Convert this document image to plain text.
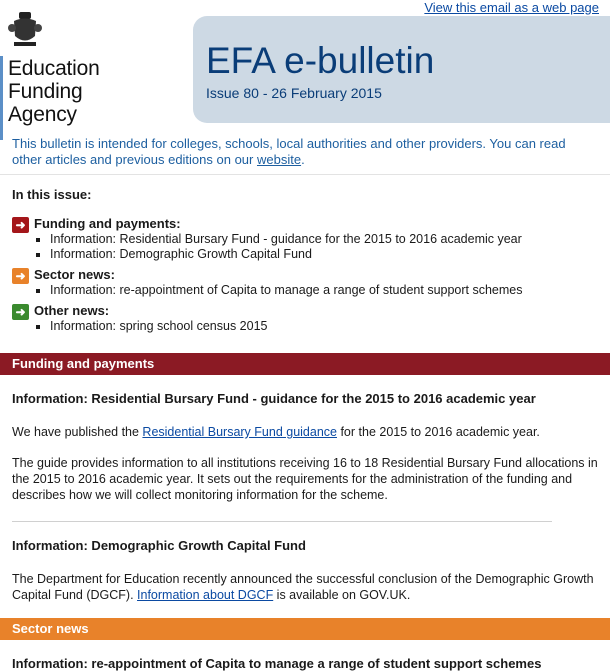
View this email as a web page
Education
Funding
Agency
EFA e-bulletin
Issue 80 - 26 February 2015
This bulletin is intended for colleges, schools, local authorities and other providers. You can read other articles and previous editions on our website.
In this issue:
➜ Funding and payments:
▪ Information: Residential Bursary Fund - guidance for the 2015 to 2016 academic year
▪ Information: Demographic Growth Capital Fund
➜ Sector news:
▪ Information: re-appointment of Capita to manage a range of student support schemes
➜ Other news:
▪ Information: spring school census 2015
Funding and payments
Information: Residential Bursary Fund - guidance for the 2015 to 2016 academic year

We have published the Residential Bursary Fund guidance for the 2015 to 2016 academic year.

The guide provides information to all institutions receiving 16 to 18 Residential Bursary Fund allocations in the 2015 to 2016 academic year. It sets out the requirements for the administration of the funding and describes how we will collect monitoring information for the scheme.

Information: Demographic Growth Capital Fund

The Department for Education recently announced the successful conclusion of the Demographic Growth Capital Fund (DGCF). Information about DGCF is available on GOV.UK.

Sector news
Information: re-appointment of Capita to manage a range of student support schemes
